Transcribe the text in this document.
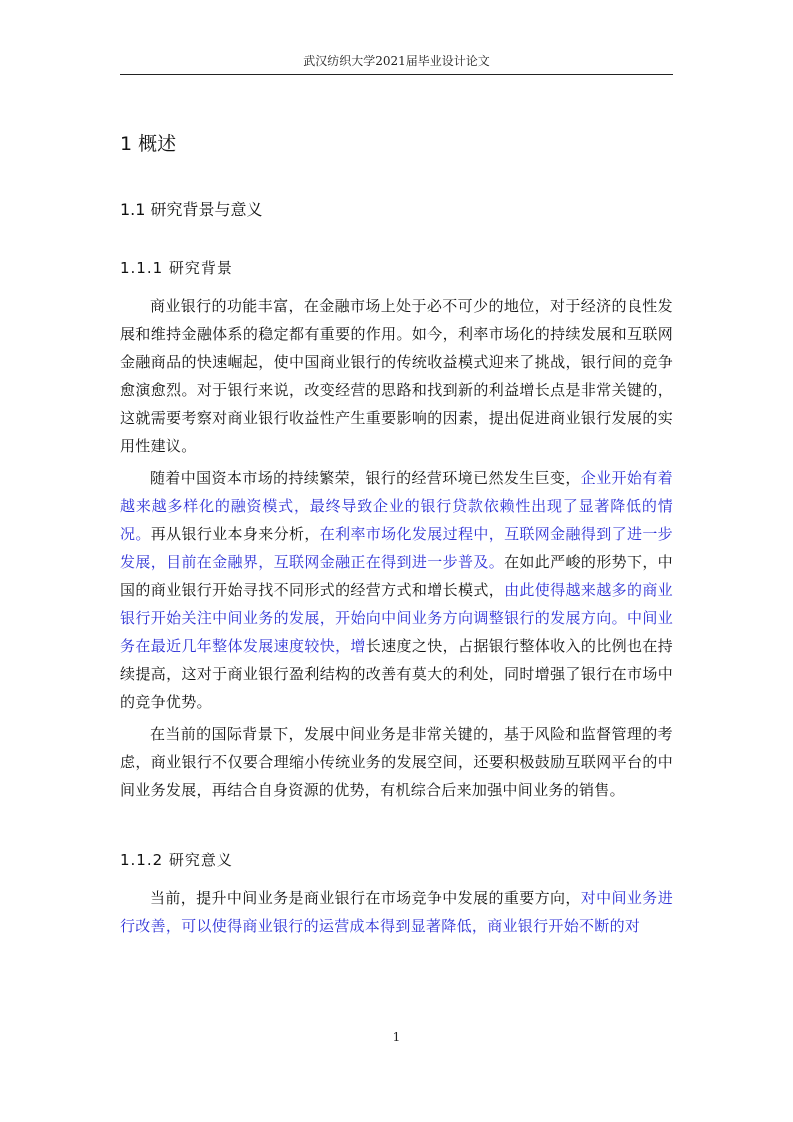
武汉纺织大学2021届毕业设计论文
1 概述
1.1 研究背景与意义
1.1.1 研究背景

商业银行的功能丰富，在金融市场上处于必不可少的地位，对于经济的良性发展和维持金融体系的稳定都有重要的作用。如今，利率市场化的持续发展和互联网金融商品的快速崛起，使中国商业银行的传统收益模式迎来了挑战，银行间的竞争愈演愈烈。对于银行来说，改变经营的思路和找到新的利益增长点是非常关键的，这就需要考察对商业银行收益性产生重要影响的因素，提出促进商业银行发展的实用性建议。

随着中国资本市场的持续繁荣，银行的经营环境已然发生巨变，企业开始有着越来越多样化的融资模式，最终导致企业的银行贷款依赖性出现了显著降低的情况。再从银行业本身来分析，在利率市场化发展过程中，互联网金融得到了进一步发展，目前在金融界，互联网金融正在得到进一步普及。在如此严峻的形势下，中国的商业银行开始寻找不同形式的经营方式和增长模式，由此使得越来越多的商业银行开始关注中间业务的发展，开始向中间业务方向调整银行的发展方向。中间业务在最近几年整体发展速度较快，增长速度之快，占据银行整体收入的比例也在持续提高，这对于商业银行盈利结构的改善有莫大的利处，同时增强了银行在市场中的竞争优势。

在当前的国际背景下，发展中间业务是非常关键的，基于风险和监督管理的考虑，商业银行不仅要合理缩小传统业务的发展空间，还要积极鼓励互联网平台的中间业务发展，再结合自身资源的优势，有机综合后来加强中间业务的销售。

1.1.2 研究意义

当前，提升中间业务是商业银行在市场竞争中发展的重要方向，对中间业务进行改善，可以使得商业银行的运营成本得到显著降低，商业银行开始不断的对

1
